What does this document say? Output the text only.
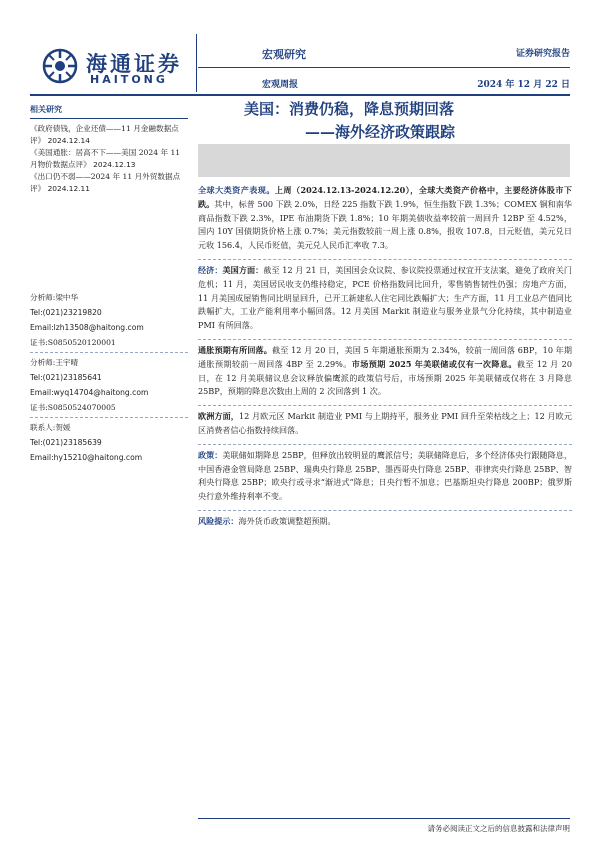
海通证券
HAITONG
宏观研究
宏观周报
证券研究报告
2024 年 12 月 22 日
相关研究
《政府债钱，企业还债——11 月金融数据点评》 2024.12.14
《美国通胀：居高不下——美国 2024 年 11 月物价数据点评》 2024.12.13
《出口仍不弱——2024 年 11 月外贸数据点评》 2024.12.11
分析师:梁中华
Tel:(021)23219820
Email:lzh13508@haitong.com
证书:S0850520120001
分析师:王宇晴
Tel:(021)23185641
Email:wyq14704@haitong.com
证书:S0850524070005
联系人:贺媛
Tel:(021)23185639
Email:hy15210@haitong.com
美国：消费仍稳，降息预期回落
——海外经济政策跟踪
全球大类资产表现。上周（2024.12.13-2024.12.20），全球大类资产价格中，主要经济体股市下跌。其中，标普 500 下跌 2.0%，日经 225 指数下跌 1.9%，恒生指数下跌 1.3%；COMEX 铜和南华商品指数下跌 2.3%，IPE 布油期货下跌 1.8%；10 年期美债收益率较前一周回升 12BP 至 4.52%，国内 10Y 国债期货价格上涨 0.7%；美元指数较前一周上涨 0.8%，报收 107.8，日元贬值，美元兑日元收 156.4，人民币贬值，美元兑人民币汇率收 7.3。
经济：美国方面：截至 12 月 21 日，美国国会众议院、参议院投票通过权宜开支法案，避免了政府关门危机；11 月，美国居民收支仍维持稳定，PCE 价格指数同比回升，零售销售韧性仍强；房地产方面，11 月美国成屋销售同比明显回升，已开工新建私人住宅同比跌幅扩大；生产方面，11 月工业总产值同比跌幅扩大，工业产能利用率小幅回落。12 月美国 Markit 制造业与服务业景气分化持续，其中制造业 PMI 有所回落。
通胀预期有所回落。截至 12 月 20 日，美国 5 年期通胀预期为 2.34%，较前一周回落 6BP，10 年期通胀预期较前一周回落 4BP 至 2.29%。市场预期 2025 年美联储或仅有一次降息。截至 12 月 20 日，在 12 月美联储议息会议释放偏鹰派的政策信号后，市场预期 2025 年美联储或仅将在 3 月降息 25BP，预期的降息次数由上周的 2 次回落到 1 次。
欧洲方面，12 月欧元区 Markit 制造业 PMI 与上期持平，服务业 PMI 回升至荣枯线之上；12 月欧元区消费者信心指数持续回落。
政策：美联储如期降息 25BP，但释放出较明显的鹰派信号；美联储降息后，多个经济体央行跟随降息，中国香港金管局降息 25BP、瑞典央行降息 25BP、墨西哥央行降息 25BP、菲律宾央行降息 25BP、智利央行降息 25BP；欧央行或寻求“渐进式”降息；日央行暂不加息；巴基斯坦央行降息 200BP；俄罗斯央行意外维持利率不变。
风险提示：海外货币政策调整超预期。
请务必阅读正文之后的信息披露和法律声明
